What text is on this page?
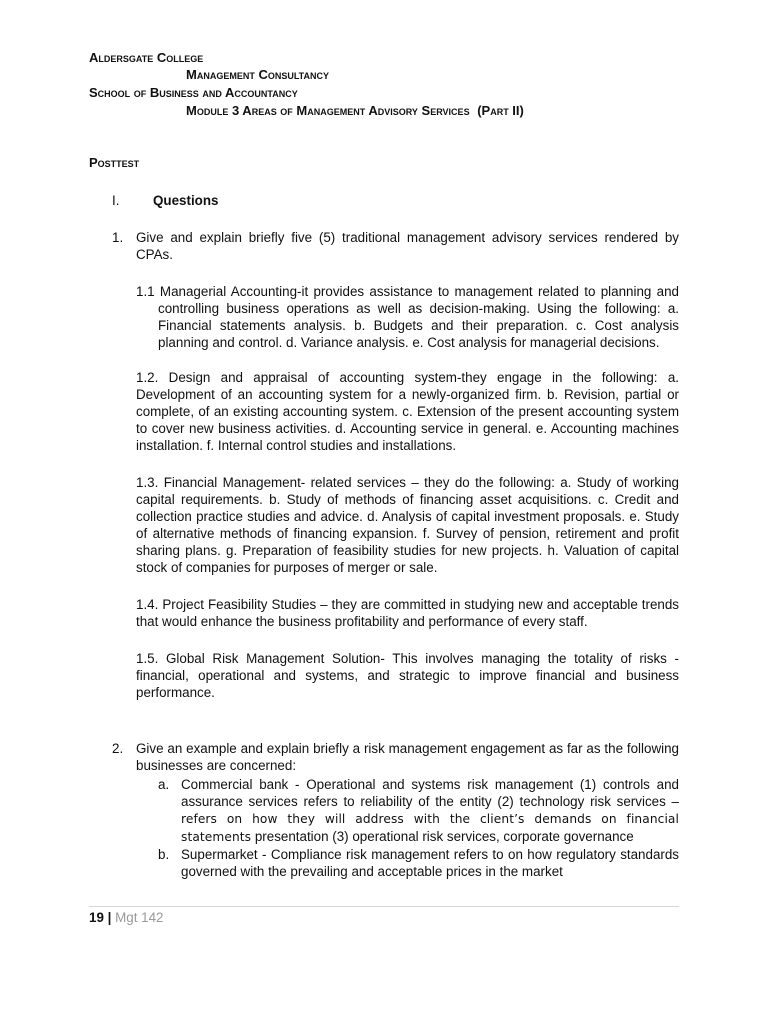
Aldersgate College
Management Consultancy
School of Business and Accountancy
Module 3 Areas of Management Advisory Services (Part II)
Posttest
I.	Questions
1. Give and explain briefly five (5) traditional management advisory services rendered by CPAs.
1.1 Managerial Accounting-it provides assistance to management related to planning and controlling business operations as well as decision-making. Using the following: a. Financial statements analysis. b. Budgets and their preparation. c. Cost analysis planning and control. d. Variance analysis. e. Cost analysis for managerial decisions.
1.2. Design and appraisal of accounting system-they engage in the following: a. Development of an accounting system for a newly-organized firm. b. Revision, partial or complete, of an existing accounting system. c. Extension of the present accounting system to cover new business activities. d. Accounting service in general. e. Accounting machines installation. f. Internal control studies and installations.
1.3. Financial Management- related services – they do the following: a. Study of working capital requirements. b. Study of methods of financing asset acquisitions. c. Credit and collection practice studies and advice. d. Analysis of capital investment proposals. e. Study of alternative methods of financing expansion. f. Survey of pension, retirement and profit sharing plans. g. Preparation of feasibility studies for new projects. h. Valuation of capital stock of companies for purposes of merger or sale.
1.4. Project Feasibility Studies – they are committed in studying new and acceptable trends that would enhance the business profitability and performance of every staff.
1.5. Global Risk Management Solution- This involves managing the totality of risks - financial, operational and systems, and strategic to improve financial and business performance.
2. Give an example and explain briefly a risk management engagement as far as the following businesses are concerned:
a. Commercial bank - Operational and systems risk management (1) controls and assurance services refers to reliability of the entity (2) technology risk services – refers on how they will address with the client’s demands on financial statements presentation (3) operational risk services, corporate governance
b. Supermarket - Compliance risk management refers to on how regulatory standards governed with the prevailing and acceptable prices in the market
19 | Mgt 142
